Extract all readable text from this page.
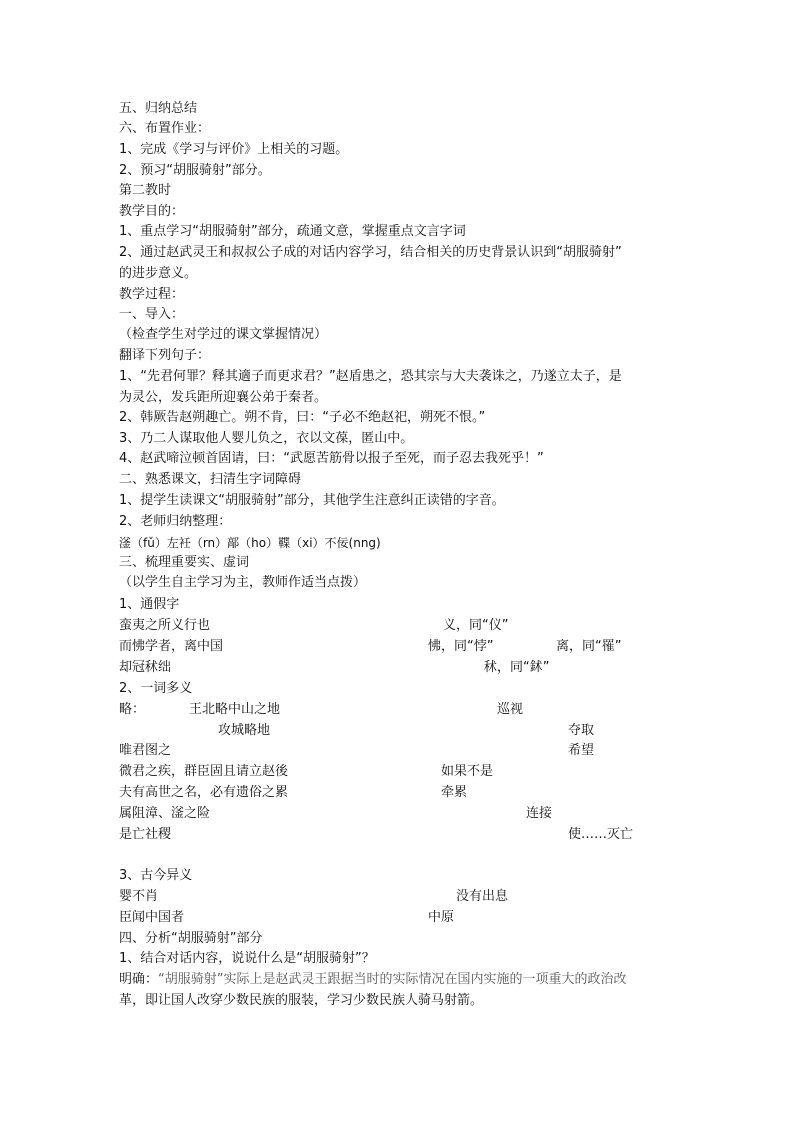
五、归纳总结
六、布置作业：
1、完成《学习与评价》上相关的习题。
2、预习“胡服骑射”部分。
第二教时
教学目的：
1、重点学习“胡服骑射”部分，疏通文意，掌握重点文言字词
2、通过赵武灵王和叔叔公子成的对话内容学习，结合相关的历史背景认识到“胡服骑射”
的进步意义。
教学过程：
一、导入：
（检查学生对学过的课文掌握情况）
翻译下列句子：
1、“先君何罪？释其適子而更求君？”赵盾患之，恐其宗与大夫袭诛之，乃遂立太子，是
为灵公，发兵距所迎襄公弟于秦者。
2、韩厥告赵朔趣亡。朔不肯，曰：“子必不绝赵祀，朔死不恨。”
3、乃二人谋取他人婴儿负之，衣以文葆，匿山中。
4、赵武啼泣顿首固请，曰：“武愿苦筋骨以报子至死，而子忍去我死乎！”
二、熟悉课文，扫清生字词障碍
1、提学生读课文“胡服骑射”部分，其他学生注意纠正读错的字音。
2、老师归纳整理：
滏（fǔ）左衽（rn）鄗（ho）鞢（xi）不佞(nng)
三、梳理重要实、虚词
（以学生自主学习为主，教师作适当点拨）
1、通假字
蛮夷之所义行也	义，同“仪”
而怫学者，离中国	怫，同“悖”	离，同“罹”
却冠秫绌	秫，同“鉥”
2、一词多义
略：	王北略中山之地	巡视
攻城略地	夺取
唯君图之	希望
微君之疾，群臣固且请立赵後	如果不是
夫有高世之名，必有遗俗之累	牵累
属阻漳、滏之险	连接
是亡社稷	使……灭亡
3、古今异义
婴不肖	没有出息
臣闻中国者	中原
四、分析“胡服骑射”部分
1、结合对话内容，说说什么是“胡服骑射”？
明确：“胡服骑射”实际上是赵武灵王跟据当时的实际情况在国内实施的一项重大的政治改
革，即让国人改穿少数民族的服装，学习少数民族人骑马射箭。
